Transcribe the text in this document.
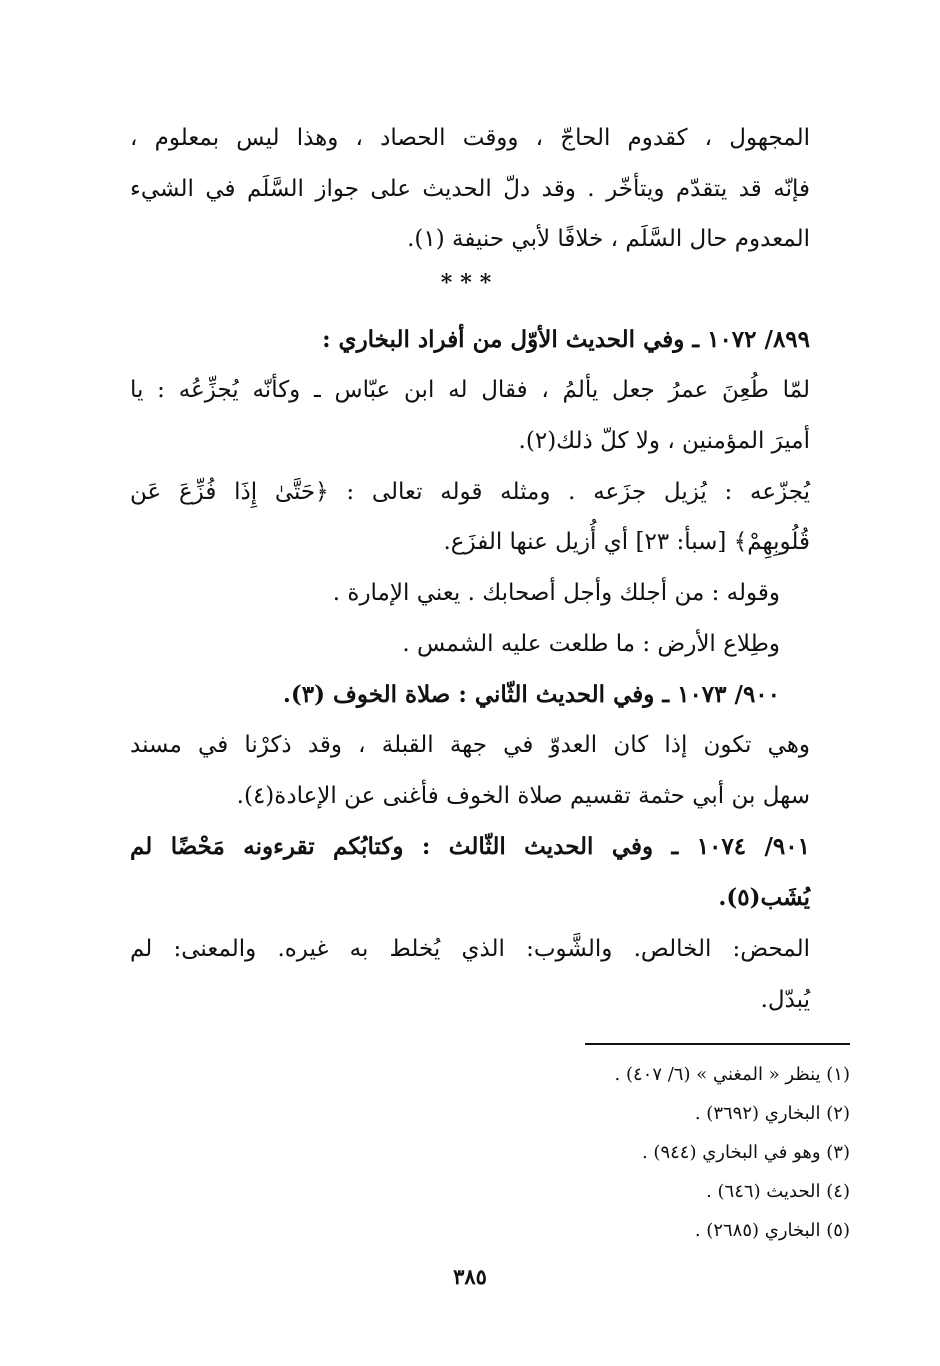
المجهول ، كقدوم الحاجّ ، ووقت الحصاد ، وهذا ليس بمعلوم ،
فإنّه قد يتقدّم ويتأخّر . وقد دلّ الحديث على جواز السَّلَم في الشيء
المعدوم حال السَّلَم ، خلافًا لأبي حنيفة (١).
***
٨٩٩/ ١٠٧٢ ـ وفي الحديث الأوّل من أفراد البخاري :
لمّا طُعِنَ عمرُ جعل يألمُ ، فقال له ابن عبّاس ـ وكأنّه يُجزِّعُه : يا
أميرَ المؤمنين ، ولا كلّ ذلك(٢).
يُجزّعه : يُزيل جزَعه . ومثله قوله تعالى : ﴿حَتَّىٰ إِذَا فُزِّعَ عَن
قُلُوبِهِمْ﴾ [سبأ: ٢٣] أي أُزيل عنها الفزَع.
وقوله : من أجلك وأجل أصحابك . يعني الإمارة .
وطِلاع الأرض : ما طلعت عليه الشمس .
٩٠٠/ ١٠٧٣ ـ وفي الحديث الثّاني : صلاة الخوف (٣).
وهي تكون إذا كان العدوّ في جهة القبلة ، وقد ذكرْنا في مسند
سهل بن أبي حثمة تقسيم صلاة الخوف فأغنى عن الإعادة(٤).
٩٠١/ ١٠٧٤ ـ وفي الحديث الثّالث : وكتابُكم تقرءونه مَحْضًا لم
يُشَب(٥).
المحض: الخالص. والشَّوب: الذي يُخلط به غيره. والمعنى: لم
يُبدّل.
(١) ينظر « المغني » (٦/ ٤٠٧) .
(٢) البخاري (٣٦٩٢) .
(٣) وهو في البخاري (٩٤٤) .
(٤) الحديث (٦٤٦) .
(٥) البخاري (٢٦٨٥) .
٣٨٥
